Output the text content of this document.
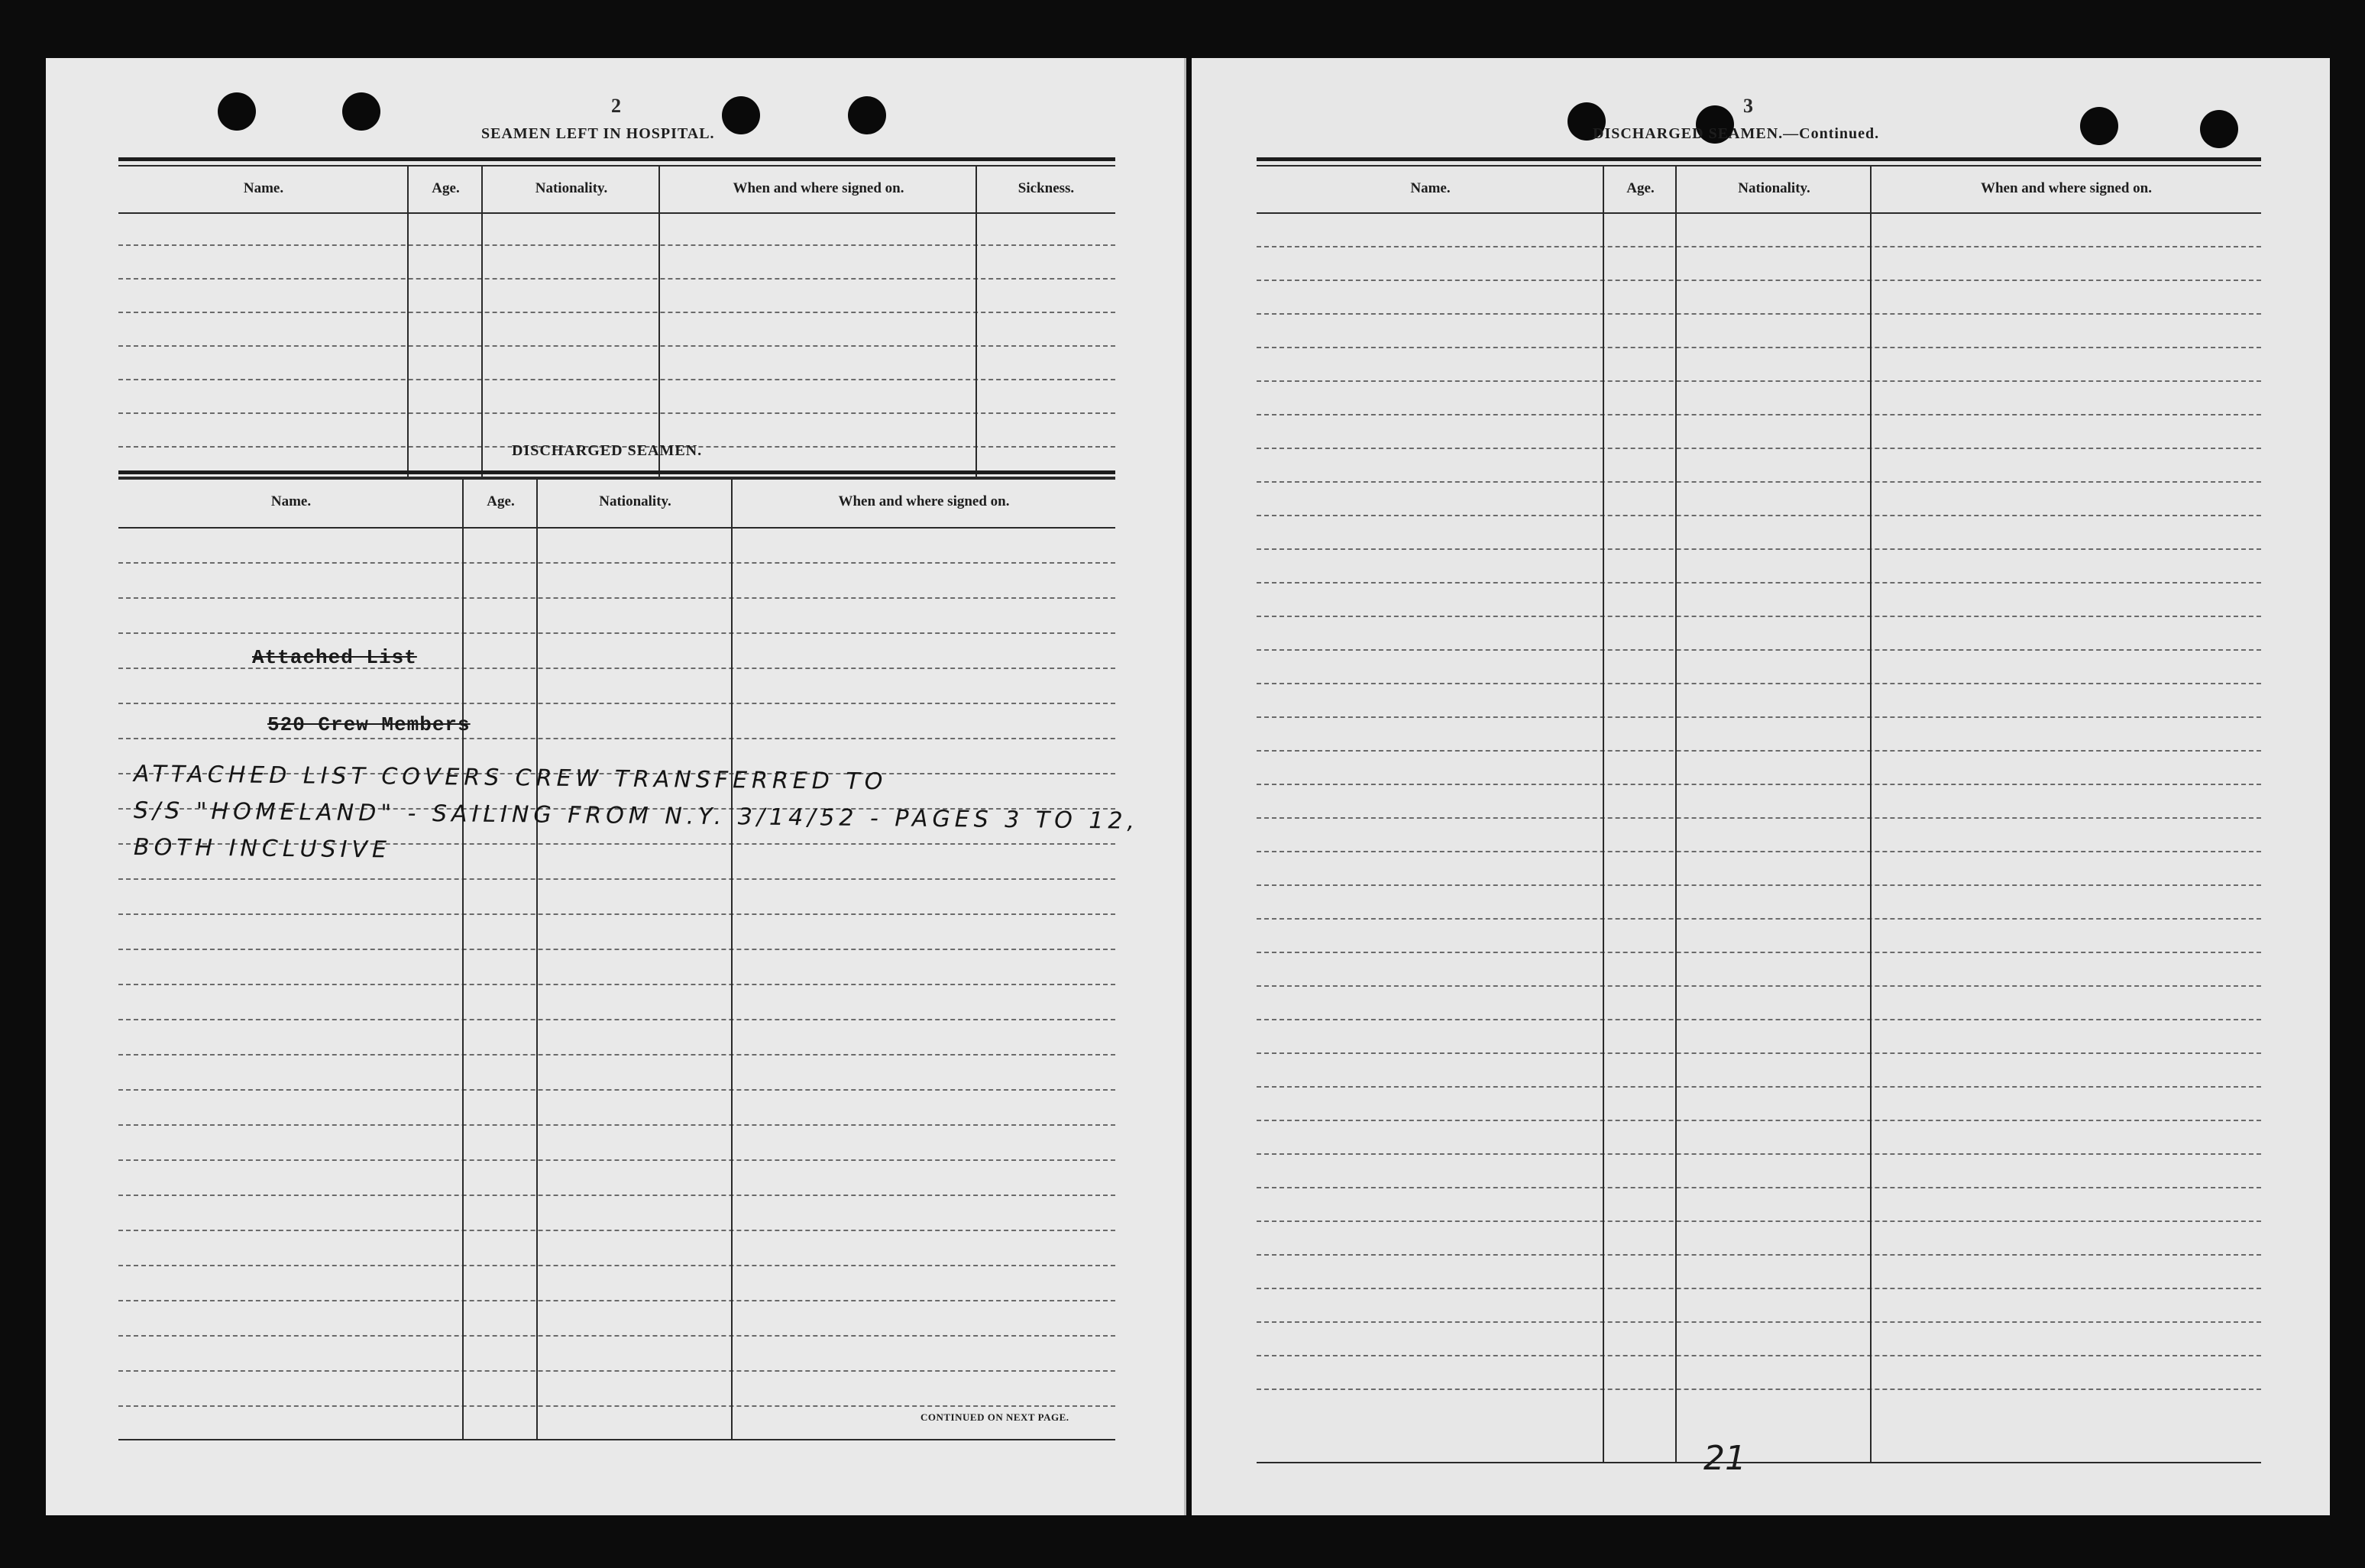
2
SEAMEN LEFT IN HOSPITAL.
Name.	Age.	Nationality.	When and where signed on.	Sickness.
DISCHARGED SEAMEN.
Name.	Age.	Nationality.	When and where signed on.
Attached List
520 Crew Members
ATTACHED LIST COVERS CREW TRANSFERRED TO
S/S "HOMELAND" - SAILING FROM N.Y. 3/14/52 - PAGES 3 TO 12,
BOTH INCLUSIVE
CONTINUED ON NEXT PAGE.
3
DISCHARGED SEAMEN.—Continued.
Name.	Age.	Nationality.	When and where signed on.
21
